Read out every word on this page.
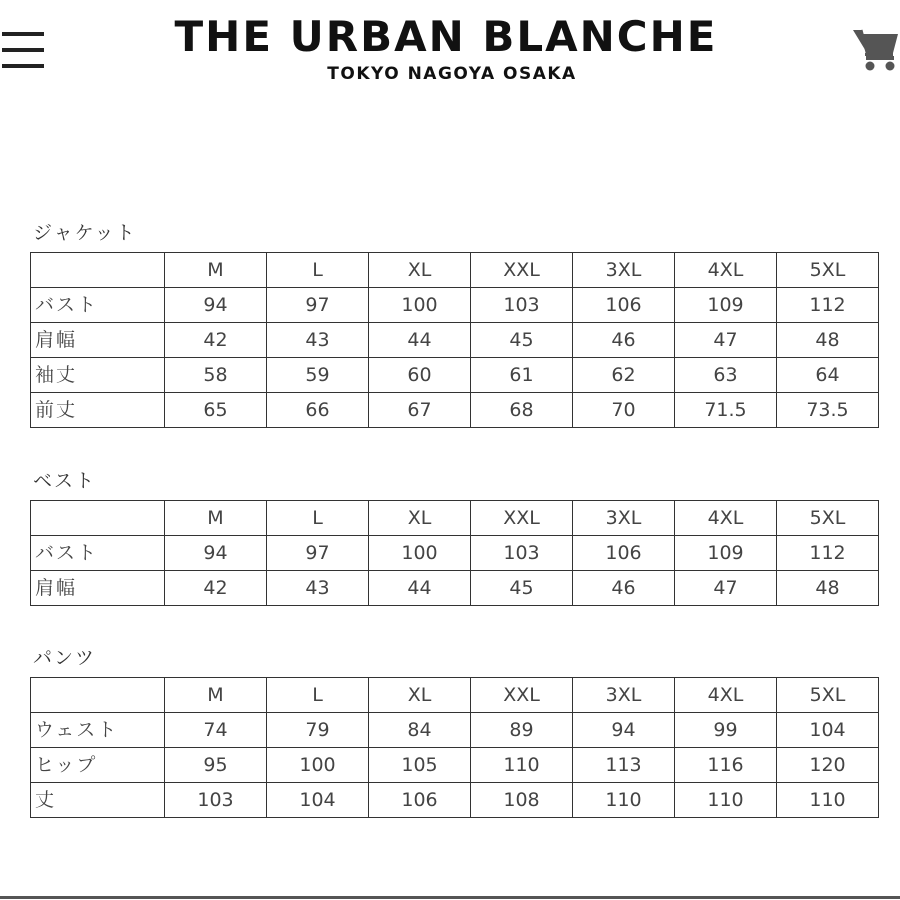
THE URBAN BLANCHE
TOKYO NAGOYA OSAKA
ジャケット
	M	L	XL	XXL	3XL	4XL	5XL
バスト	94	97	100	103	106	109	112
肩幅	42	43	44	45	46	47	48
袖丈	58	59	60	61	62	63	64
前丈	65	66	67	68	70	71.5	73.5
ベスト
	M	L	XL	XXL	3XL	4XL	5XL
バスト	94	97	100	103	106	109	112
肩幅	42	43	44	45	46	47	48
パンツ
	M	L	XL	XXL	3XL	4XL	5XL
ウェスト	74	79	84	89	94	99	104
ヒップ	95	100	105	110	113	116	120
丈	103	104	106	108	110	110	110
